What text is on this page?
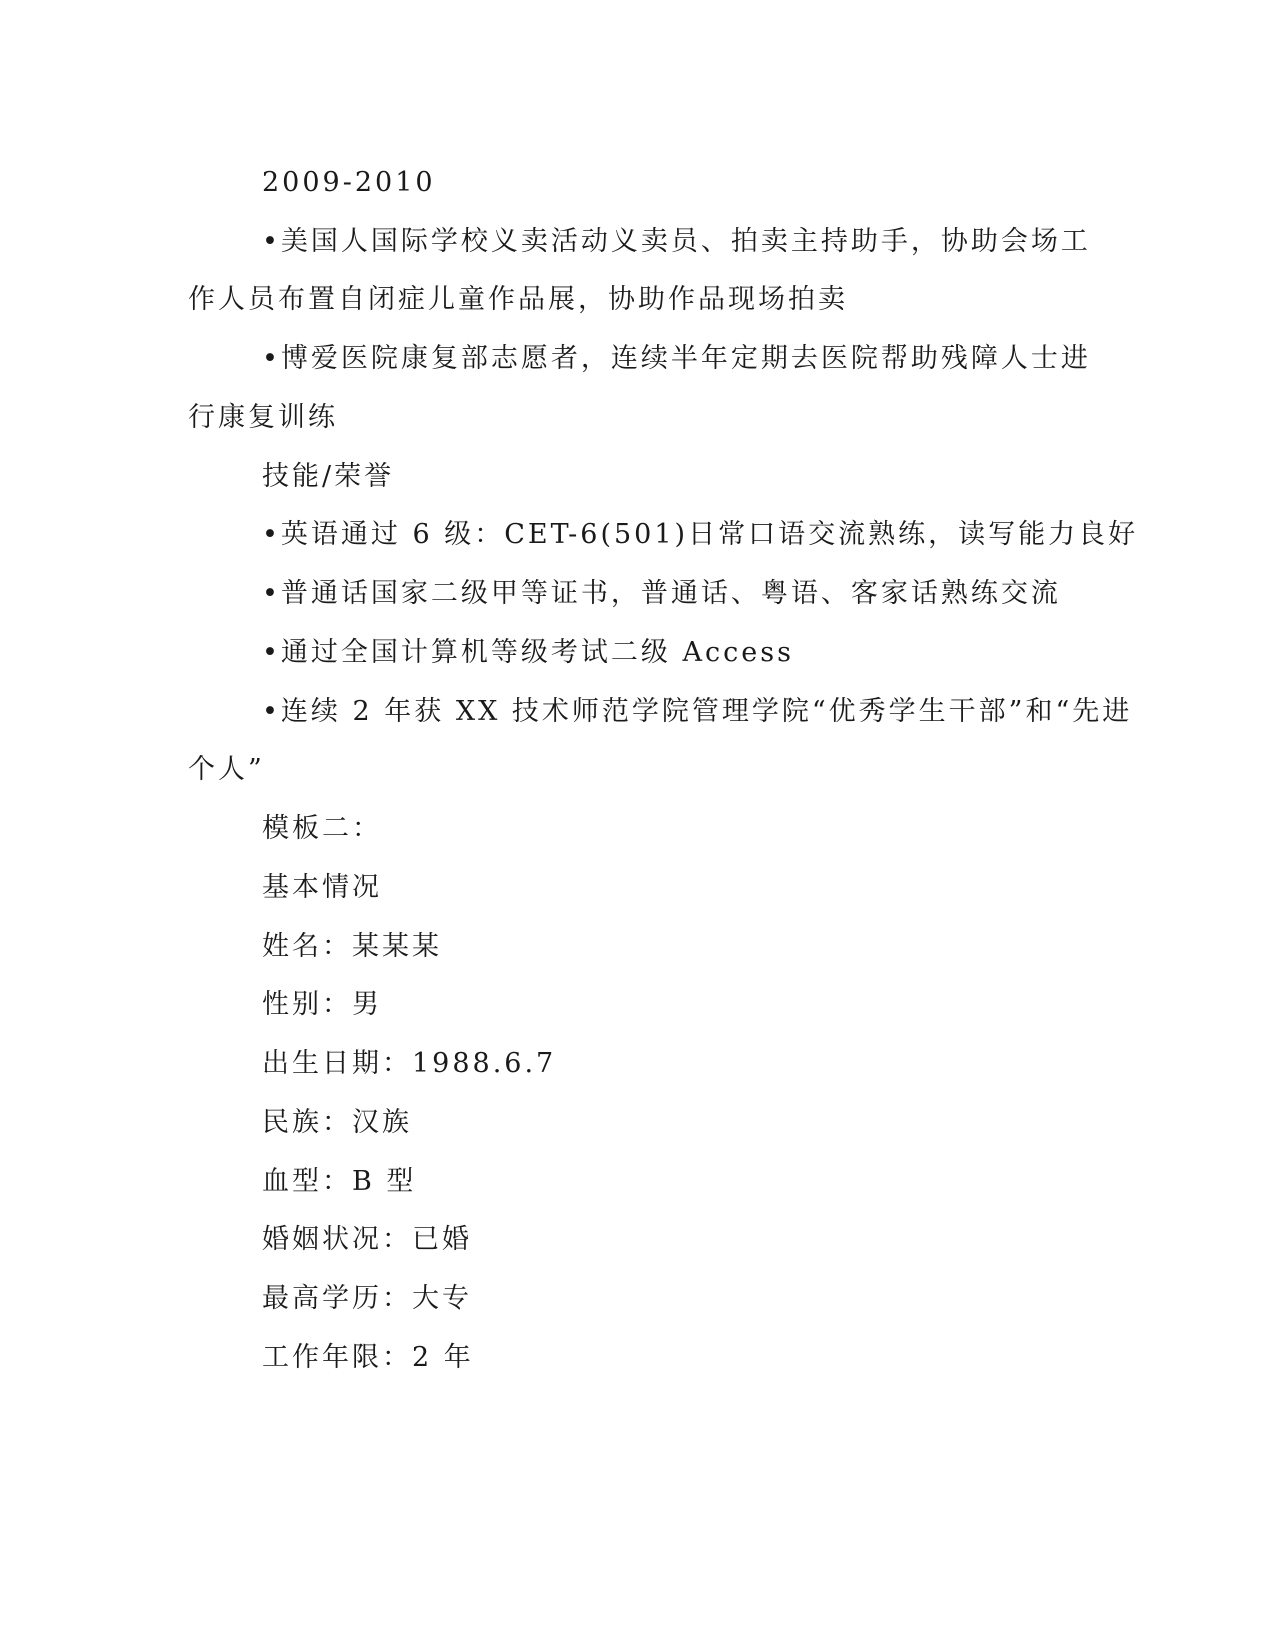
2009-2010
•美国人国际学校义卖活动义卖员、拍卖主持助手，协助会场工
作人员布置自闭症儿童作品展，协助作品现场拍卖
•博爱医院康复部志愿者，连续半年定期去医院帮助残障人士进
行康复训练
技能/荣誉
•英语通过 6 级：CET-6(501)日常口语交流熟练，读写能力良好
•普通话国家二级甲等证书，普通话、粤语、客家话熟练交流
•通过全国计算机等级考试二级 Access
•连续 2 年获 XX 技术师范学院管理学院“优秀学生干部”和“先进
个人”
模板二：
基本情况
姓名：某某某
性别：男
出生日期：1988.6.7
民族：汉族
血型：B 型
婚姻状况：已婚
最高学历：大专
工作年限：2 年
